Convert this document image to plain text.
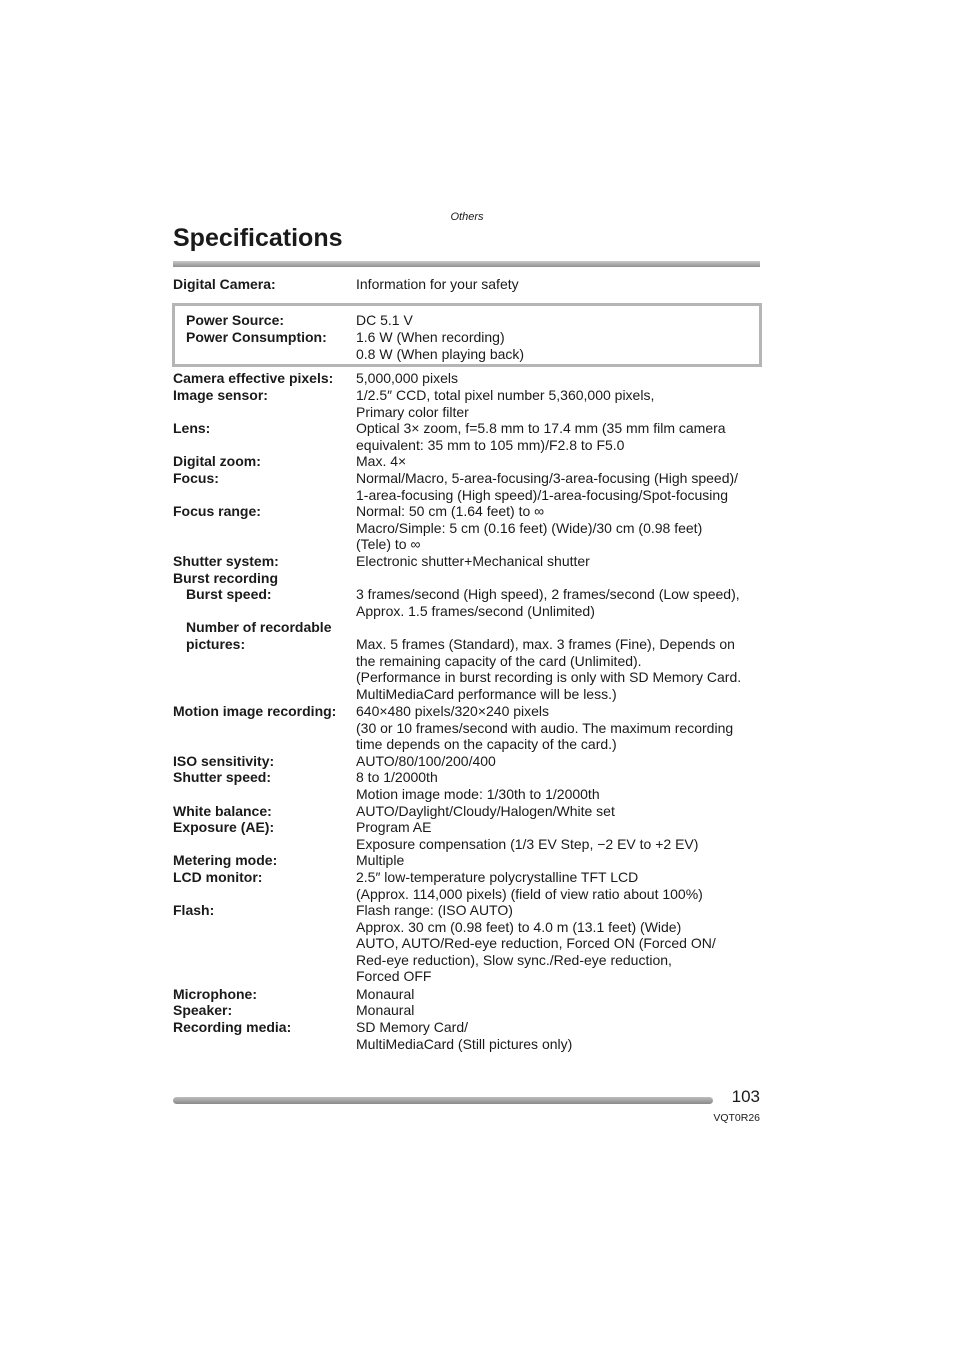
Others
Specifications
Digital Camera:	Information for your safety
Power Source:	DC 5.1 V
Power Consumption: 1.6 W (When recording)
0.8 W (When playing back)
Camera effective pixels: 5,000,000 pixels
Image sensor:	1/2.5″ CCD, total pixel number 5,360,000 pixels,
Primary color filter
Lens:	Optical 3× zoom, f=5.8 mm to 17.4 mm (35 mm film camera
equivalent: 35 mm to 105 mm)/F2.8 to F5.0
Digital zoom:	Max. 4×
Focus:	Normal/Macro, 5-area-focusing/3-area-focusing (High speed)/
1-area-focusing (High speed)/1-area-focusing/Spot-focusing
Focus range:	Normal: 50 cm (1.64 feet) to ∞
Macro/Simple: 5 cm (0.16 feet) (Wide)/30 cm (0.98 feet)
(Tele) to ∞
Shutter system:	Electronic shutter+Mechanical shutter
Burst recording
Burst speed:	3 frames/second (High speed), 2 frames/second (Low speed),
Approx. 1.5 frames/second (Unlimited)
Number of recordable
pictures:	Max. 5 frames (Standard), max. 3 frames (Fine), Depends on
the remaining capacity of the card (Unlimited).
(Performance in burst recording is only with SD Memory Card.
MultiMediaCard performance will be less.)
Motion image recording: 640×480 pixels/320×240 pixels
(30 or 10 frames/second with audio. The maximum recording
time depends on the capacity of the card.)
ISO sensitivity:	AUTO/80/100/200/400
Shutter speed:	8 to 1/2000th
Motion image mode: 1/30th to 1/2000th
White balance:	AUTO/Daylight/Cloudy/Halogen/White set
Exposure (AE):	Program AE
Exposure compensation (1/3 EV Step, −2 EV to +2 EV)
Metering mode:	Multiple
LCD monitor:	2.5″ low-temperature polycrystalline TFT LCD
(Approx. 114,000 pixels) (field of view ratio about 100%)
Flash:	Flash range: (ISO AUTO)
Approx. 30 cm (0.98 feet) to 4.0 m (13.1 feet) (Wide)
AUTO, AUTO/Red-eye reduction, Forced ON (Forced ON/
Red-eye reduction), Slow sync./Red-eye reduction,
Forced OFF
Microphone:	Monaural
Speaker:	Monaural
Recording media:	SD Memory Card/
MultiMediaCard (Still pictures only)
103
VQT0R26
